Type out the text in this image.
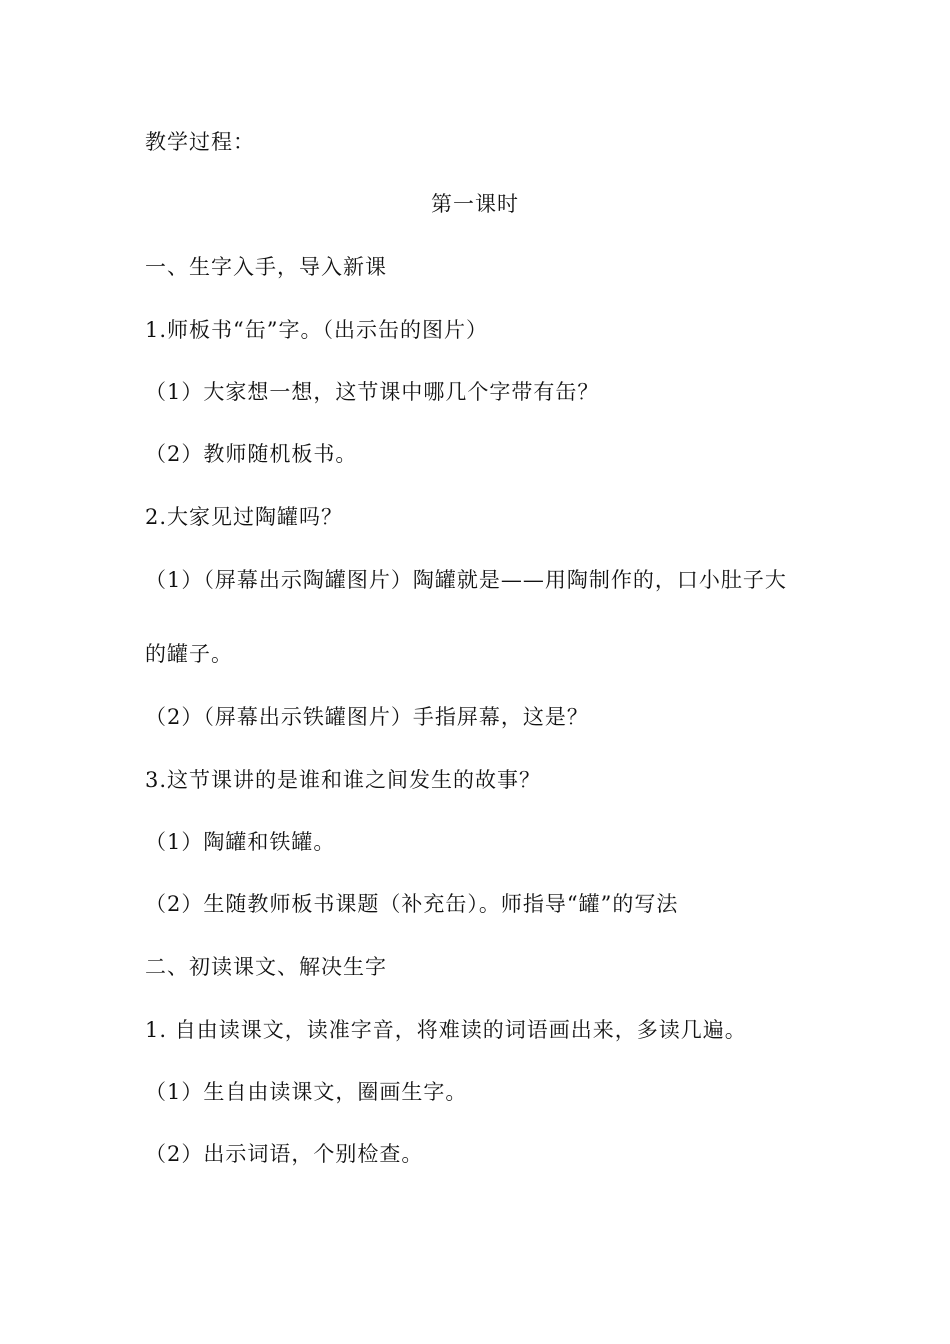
教学过程：
第一课时
一、生字入手，导入新课
1.师板书“缶”字。（出示缶的图片）
（1）大家想一想，这节课中哪几个字带有缶？
（2）教师随机板书。
2.大家见过陶罐吗？
（1）（屏幕出示陶罐图片）陶罐就是——用陶制作的，口小肚子大
的罐子。
（2）（屏幕出示铁罐图片）手指屏幕，这是？
3.这节课讲的是谁和谁之间发生的故事？
（1）陶罐和铁罐。
（2）生随教师板书课题（补充缶）。师指导“罐”的写法
二、初读课文、解决生字
1. 自由读课文，读准字音，将难读的词语画出来，多读几遍。
（1）生自由读课文，圈画生字。
（2）出示词语，个别检查。
